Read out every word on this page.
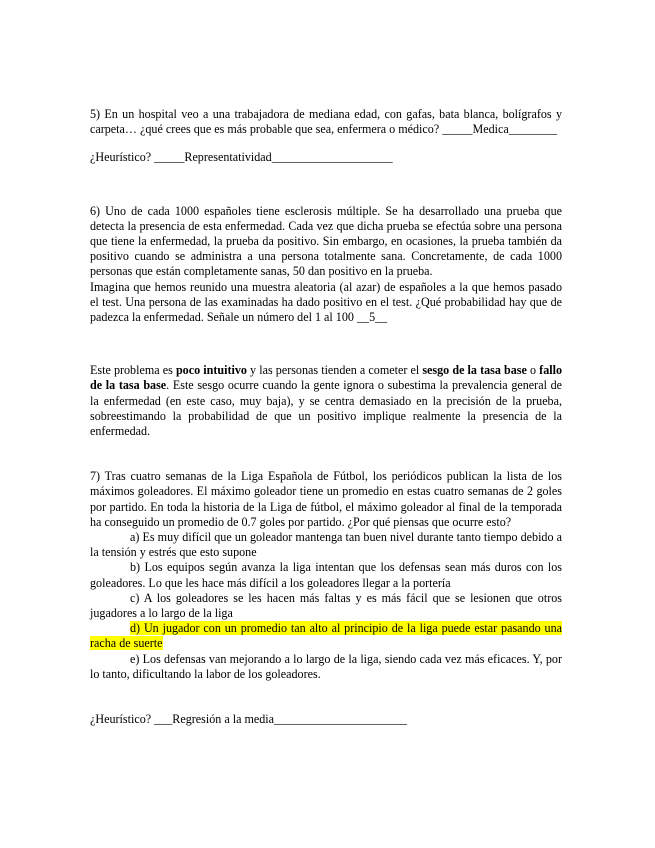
5) En un hospital veo a una trabajadora de mediana edad, con gafas, bata blanca, bolígrafos y carpeta… ¿qué crees que es más probable que sea, enfermera o médico? _____Medica________

¿Heurístico? _____Representatividad____________________

6) Uno de cada 1000 españoles tiene esclerosis múltiple. Se ha desarrollado una prueba que detecta la presencia de esta enfermedad. Cada vez que dicha prueba se efectúa sobre una persona que tiene la enfermedad, la prueba da positivo. Sin embargo, en ocasiones, la prueba también da positivo cuando se administra a una persona totalmente sana. Concretamente, de cada 1000 personas que están completamente sanas, 50 dan positivo en la prueba.

Imagina que hemos reunido una muestra aleatoria (al azar) de españoles a la que hemos pasado el test. Una persona de las examinadas ha dado positivo en el test. ¿Qué probabilidad hay que de padezca la enfermedad. Señale un número del 1 al 100 __5__

Este problema es poco intuitivo y las personas tienden a cometer el sesgo de la tasa base o fallo de la tasa base. Este sesgo ocurre cuando la gente ignora o subestima la prevalencia general de la enfermedad (en este caso, muy baja), y se centra demasiado en la precisión de la prueba, sobreestimando la probabilidad de que un positivo implique realmente la presencia de la enfermedad.

7) Tras cuatro semanas de la Liga Española de Fútbol, los periódicos publican la lista de los máximos goleadores. El máximo goleador tiene un promedio en estas cuatro semanas de 2 goles por partido. En toda la historia de la Liga de fútbol, el máximo goleador al final de la temporada ha conseguido un promedio de 0.7 goles por partido. ¿Por qué piensas que ocurre esto?

a) Es muy difícil que un goleador mantenga tan buen nivel durante tanto tiempo debido a la tensión y estrés que esto supone

b) Los equipos según avanza la liga intentan que los defensas sean más duros con los goleadores. Lo que les hace más difícil a los goleadores llegar a la portería

c) A los goleadores se les hacen más faltas y es más fácil que se lesionen que otros jugadores a lo largo de la liga

d) Un jugador con un promedio tan alto al principio de la liga puede estar pasando una racha de suerte

e) Los defensas van mejorando a lo largo de la liga, siendo cada vez más eficaces. Y, por lo tanto, dificultando la labor de los goleadores.

¿Heurístico? ___Regresión a la media______________________
